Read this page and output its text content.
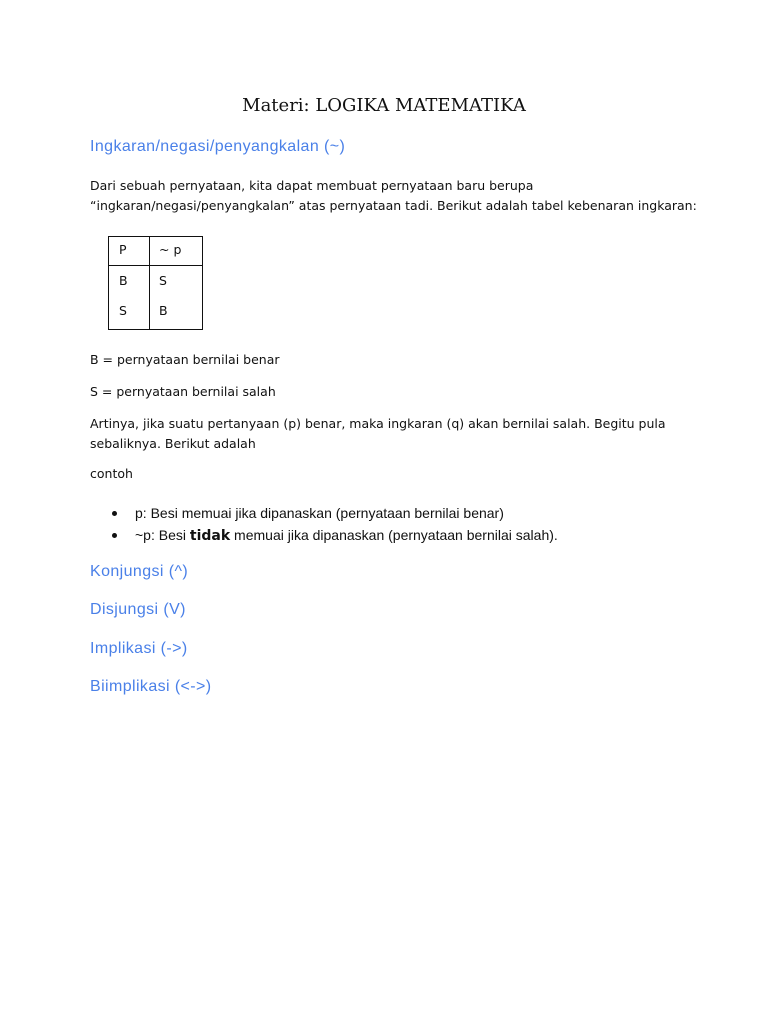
Materi: LOGIKA MATEMATIKA
Ingkaran/negasi/penyangkalan (~)

Dari sebuah pernyataan, kita dapat membuat pernyataan baru berupa

“ingkaran/negasi/penyangkalan” atas pernyataan tadi. Berikut adalah tabel kebenaran ingkaran:

P	~ p
B	S
S	B

B = pernyataan bernilai benar

S = pernyataan bernilai salah

Artinya, jika suatu pertanyaan (p) benar, maka ingkaran (q) akan bernilai salah. Begitu pula

sebaliknya. Berikut adalah

contoh

p: Besi memuai jika dipanaskan (pernyataan bernilai benar)
~p: Besi tidak memuai jika dipanaskan (pernyataan bernilai salah).
Konjungsi (^)
Disjungsi (V)
Implikasi (->)
Biimplikasi (<->)
